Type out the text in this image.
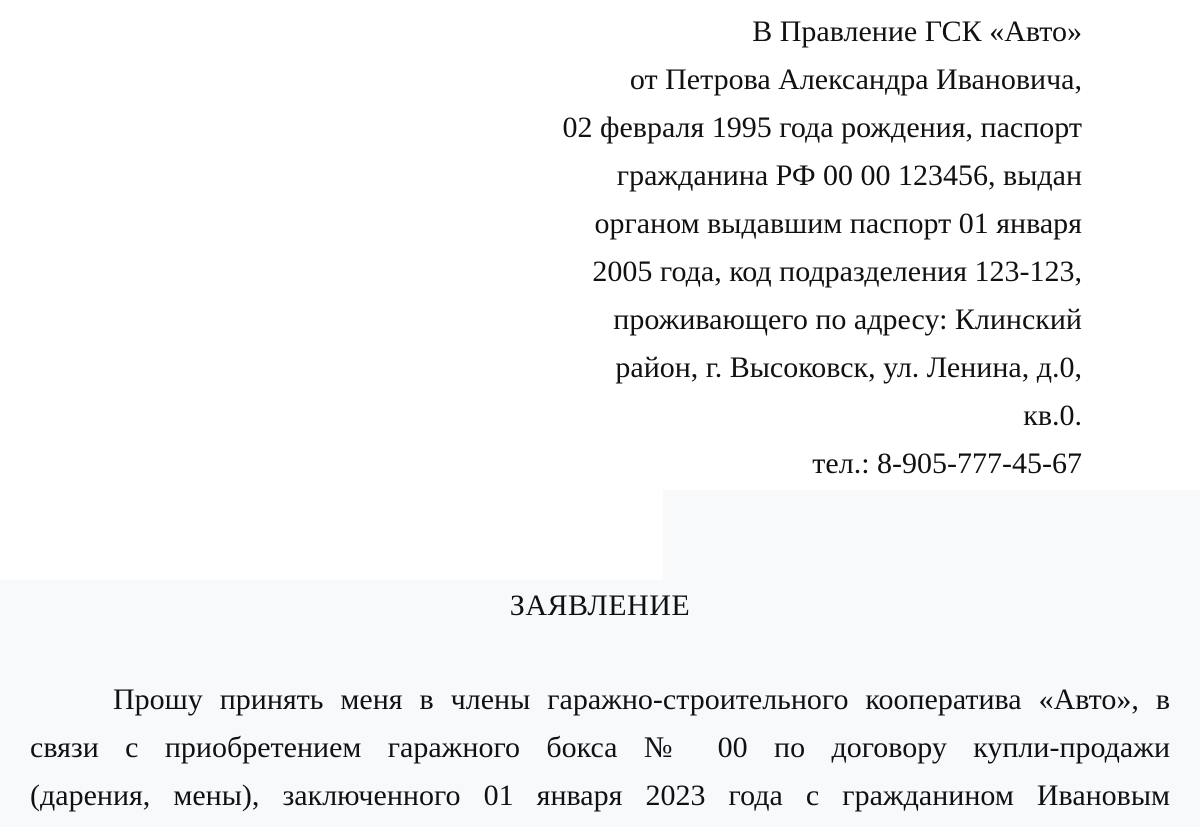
В Правление ГСК «Авто»
от Петрова Александра Ивановича,
02 февраля 1995 года рождения, паспорт
гражданина РФ 00 00 123456, выдан
органом выдавшим паспорт 01 января
2005 года, код подразделения 123-123,
проживающего по адресу: Клинский
район, г. Высоковск, ул. Ленина, д.0,
кв.0.
тел.: 8-905-777-45-67
ЗАЯВЛЕНИЕ
Прошу принять меня в члены гаражно-строительного кооператива «Авто», в
связи с приобретением гаражного бокса № 00 по договору купли-продажи
(дарения, мены), заключенного 01 января 2023 года с гражданином Ивановым
